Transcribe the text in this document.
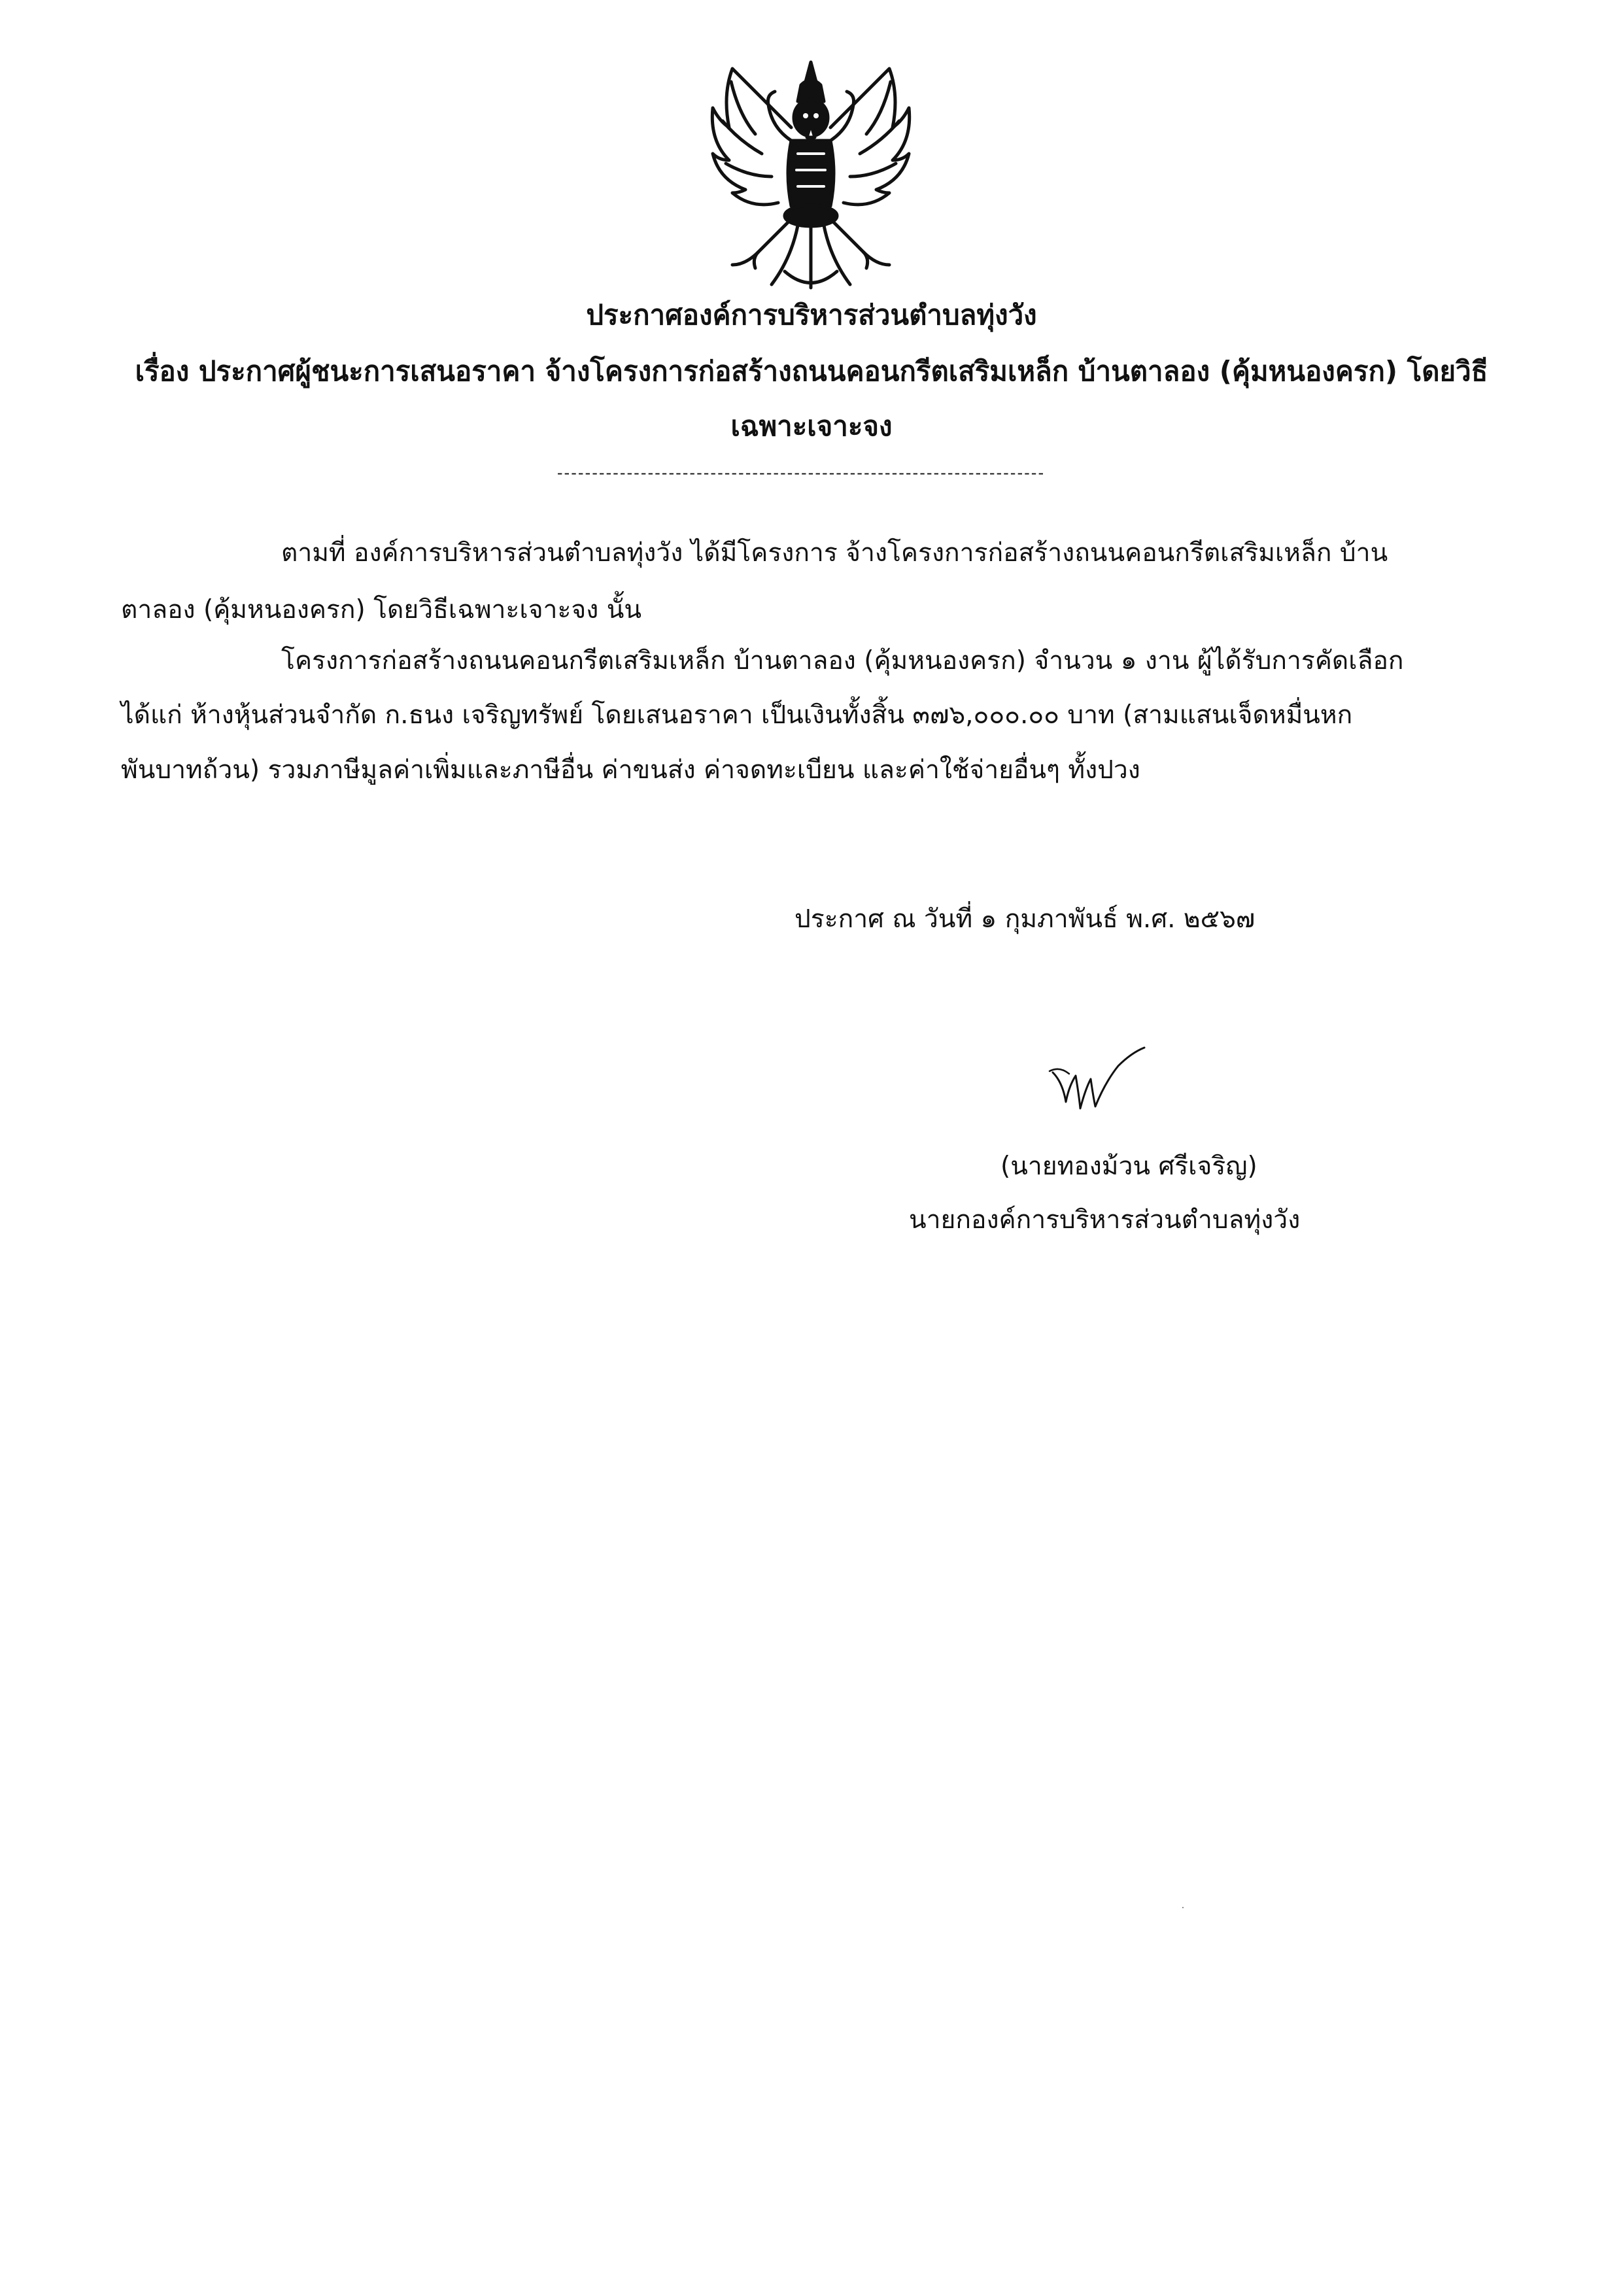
ประกาศองค์การบริหารส่วนตำบลทุ่งวัง
เรื่อง ประกาศผู้ชนะการเสนอราคา จ้างโครงการก่อสร้างถนนคอนกรีตเสริมเหล็ก บ้านตาลอง (คุ้มหนองครก) โดยวิธี
เฉพาะเจาะจง
----------------------------------------------------------------------
ตามที่ องค์การบริหารส่วนตำบลทุ่งวัง ได้มีโครงการ จ้างโครงการก่อสร้างถนนคอนกรีตเสริมเหล็ก บ้าน
ตาลอง (คุ้มหนองครก) โดยวิธีเฉพาะเจาะจง นั้น
โครงการก่อสร้างถนนคอนกรีตเสริมเหล็ก บ้านตาลอง (คุ้มหนองครก) จำนวน ๑ งาน ผู้ได้รับการคัดเลือก
ได้แก่ ห้างหุ้นส่วนจำกัด ก.ธนง เจริญทรัพย์ โดยเสนอราคา เป็นเงินทั้งสิ้น ๓๗๖,๐๐๐.๐๐ บาท (สามแสนเจ็ดหมื่นหก
พันบาทถ้วน) รวมภาษีมูลค่าเพิ่มและภาษีอื่น ค่าขนส่ง ค่าจดทะเบียน และค่าใช้จ่ายอื่นๆ ทั้งปวง
ประกาศ ณ วันที่ ๑ กุมภาพันธ์ พ.ศ. ๒๕๖๗
(นายทองม้วน ศรีเจริญ)
นายกองค์การบริหารส่วนตำบลทุ่งวัง
